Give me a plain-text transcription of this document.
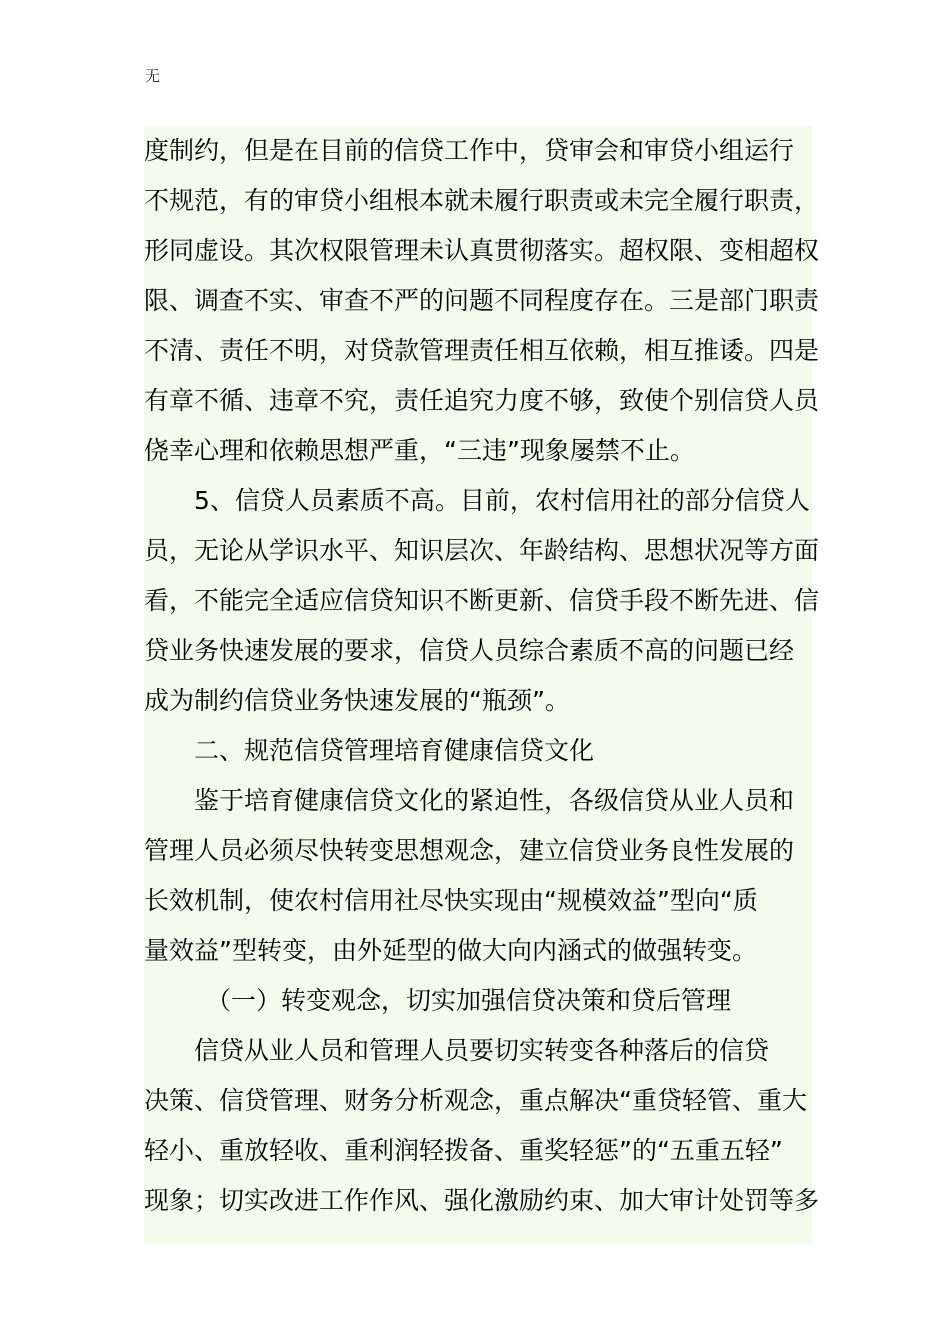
无
度制约，但是在目前的信贷工作中，贷审会和审贷小组运行
不规范，有的审贷小组根本就未履行职责或未完全履行职责，
形同虚设。其次权限管理未认真贯彻落实。超权限、变相超权
限、调查不实、审查不严的问题不同程度存在。三是部门职责
不清、责任不明，对贷款管理责任相互依赖，相互推诿。四是
有章不循、违章不究，责任追究力度不够，致使个别信贷人员
侥幸心理和依赖思想严重，“三违”现象屡禁不止。
5、信贷人员素质不高。目前，农村信用社的部分信贷人
员，无论从学识水平、知识层次、年龄结构、思想状况等方面
看，不能完全适应信贷知识不断更新、信贷手段不断先进、信
贷业务快速发展的要求，信贷人员综合素质不高的问题已经
成为制约信贷业务快速发展的“瓶颈”。
二、规范信贷管理培育健康信贷文化
鉴于培育健康信贷文化的紧迫性，各级信贷从业人员和
管理人员必须尽快转变思想观念，建立信贷业务良性发展的
长效机制，使农村信用社尽快实现由“规模效益”型向“质
量效益”型转变，由外延型的做大向内涵式的做强转变。
（一）转变观念，切实加强信贷决策和贷后管理
信贷从业人员和管理人员要切实转变各种落后的信贷
决策、信贷管理、财务分析观念，重点解决“重贷轻管、重大
轻小、重放轻收、重利润轻拨备、重奖轻惩”的“五重五轻”
现象；切实改进工作作风、强化激励约束、加大审计处罚等多
